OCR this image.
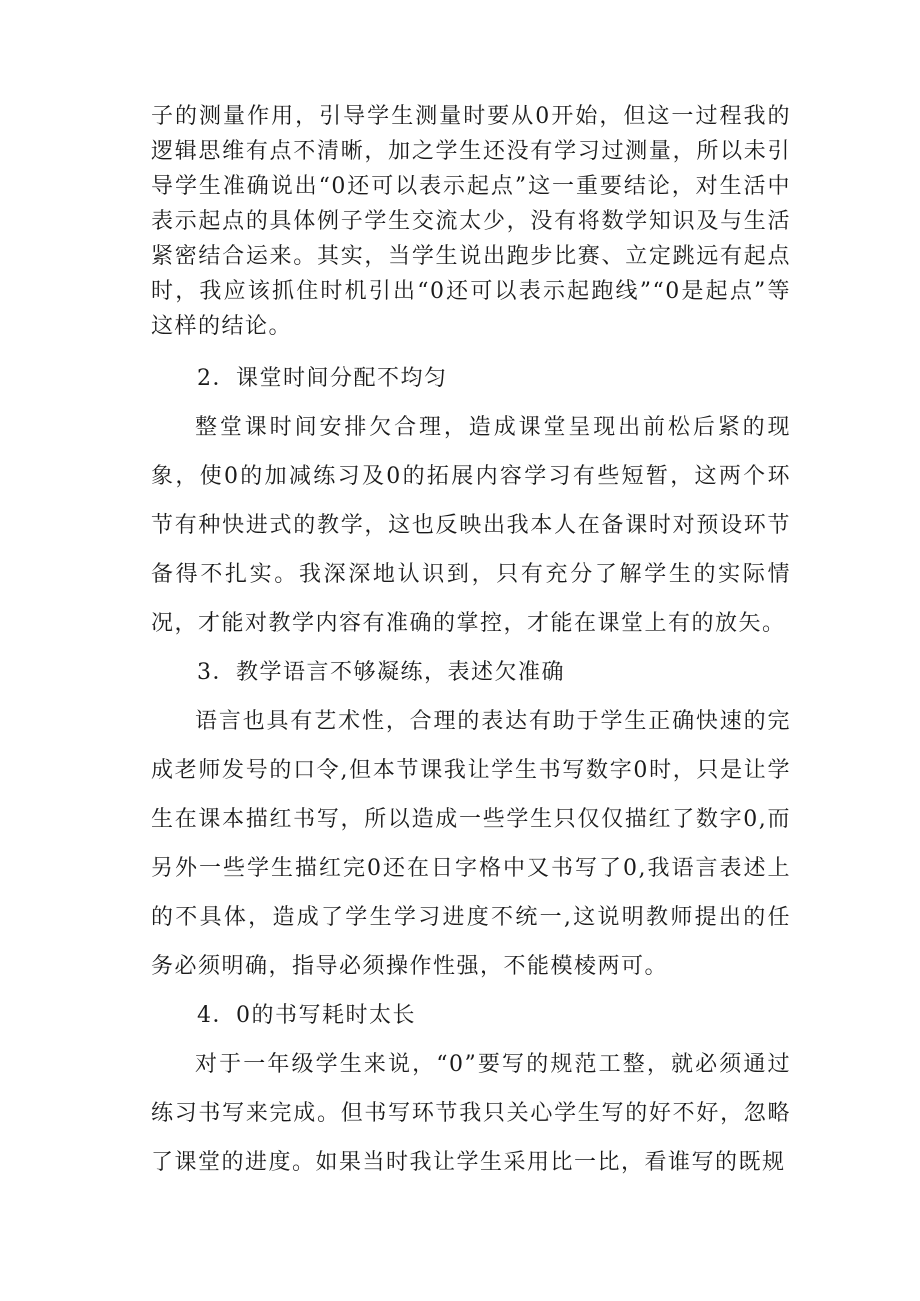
子的测量作用，引导学生测量时要从0开始，但这一过程我的逻辑思维有点不清晰，加之学生还没有学习过测量，所以未引导学生准确说出“0还可以表示起点”这一重要结论，对生活中表示起点的具体例子学生交流太少，没有将数学知识及与生活紧密结合运来。其实，当学生说出跑步比赛、立定跳远有起点时，我应该抓住时机引出“0还可以表示起跑线”“0是起点”等这样的结论。

2．课堂时间分配不均匀

整堂课时间安排欠合理，造成课堂呈现出前松后紧的现象，使0的加减练习及0的拓展内容学习有些短暂，这两个环节有种快进式的教学，这也反映出我本人在备课时对预设环节备得不扎实。我深深地认识到，只有充分了解学生的实际情况，才能对教学内容有准确的掌控，才能在课堂上有的放矢。

3．教学语言不够凝练，表述欠准确

语言也具有艺术性，合理的表达有助于学生正确快速的完成老师发号的口令,但本节课我让学生书写数字0时，只是让学生在课本描红书写，所以造成一些学生只仅仅描红了数字0,而另外一些学生描红完0还在日字格中又书写了0,我语言表述上的不具体，造成了学生学习进度不统一,这说明教师提出的任务必须明确，指导必须操作性强，不能模棱两可。

4．0的书写耗时太长

对于一年级学生来说，“0”要写的规范工整，就必须通过练习书写来完成。但书写环节我只关心学生写的好不好，忽略了课堂的进度。如果当时我让学生采用比一比，看谁写的既规
